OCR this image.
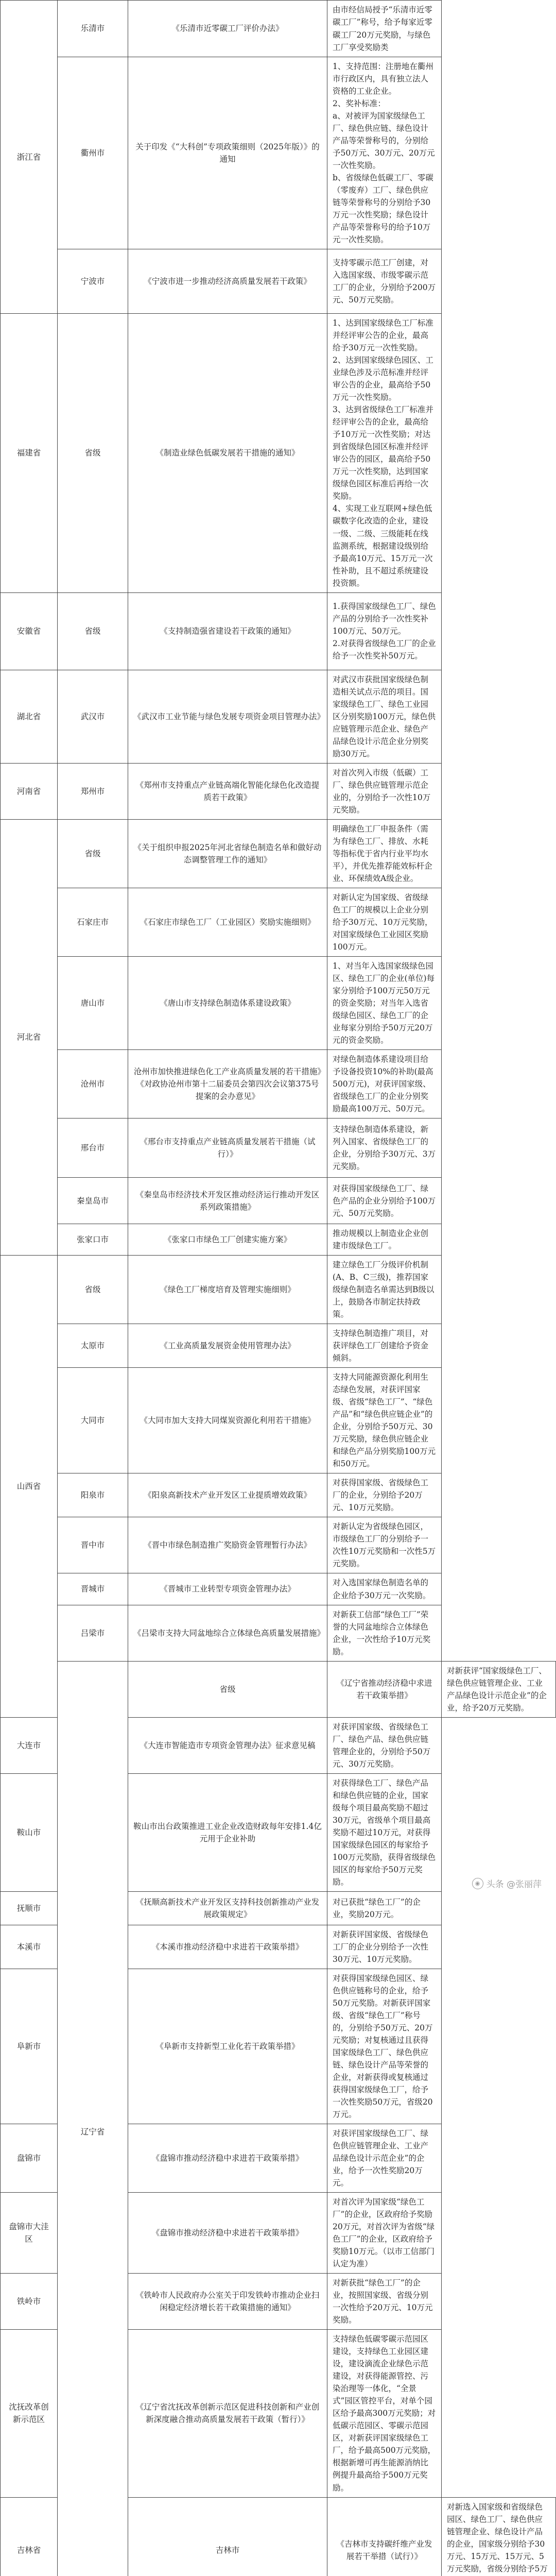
浙江省	乐清市	《乐清市近零碳工厂评价办法》	由市经信局授予“乐清市近零碳工厂”称号，给予每家近零碳工厂20万元奖励，与绿色工厂享受奖励类	

	衢州市	关于印发《“大科创”专项政策细则（2025年版）》的通知	1、支持范围：注册地在衢州市行政区内，具有独立法人资格的工业企业。
2、奖补标准：
a、对被评为国家级绿色工厂、绿色供应链、绿色设计产品等荣誉称号的，分别给予50万元、30万元、20万元一次性奖励。
b、省级绿色低碳工厂、零碳（零废弃）工厂、绿色供应链等荣誉称号的分别给予30万元一次性奖励；绿色设计产品等荣誉称号的给予10万元一次性奖励。	

	宁波市	《宁波市进一步推动经济高质量发展若干政策》	支持零碳示范工厂创建，对入选国家级、市级零碳示范工厂的企业，分别给予200万元、50万元奖励。	

福建省	省级	《制造业绿色低碳发展若干措施的通知》	1、达到国家级绿色工厂标准并经评审公告的企业，最高给予30万元一次性奖励。
2、达到国家级绿色园区、工业绿色涉及示范标准并经评审公告的企业，最高给予50万元一次性奖励。
3、达到省级绿色工厂标准并经评审公告的企业，最高给予10万元一次性奖励；对达到省级绿色园区标准并经评审公告的园区，最高给予50万元一次性奖励，达到国家级绿色园区标准后再给一次奖励。
4、实现工业互联网+绿色低碳数字化改造的企业，建设一级、二级、三级能耗在线监测系统，根据建设级别给予最高10万元、15万元一次性补助，且不超过系统建设投资额。	

安徽省	省级	《支持制造强省建设若干政策的通知》	1.获得国家级绿色工厂、绿色产品的分别给予一次性奖补100万元、50万元。
2.对获得省级绿色工厂的企业给予一次性奖补50万元。	

湖北省	武汉市	《武汉市工业节能与绿色发展专项资金项目管理办法》	对武汉市获批国家级绿色制造相关试点示范的项目。国家级绿色工厂、绿色工业园区分别奖励100万元，绿色供应链管理示范企业、绿色产品绿色设计示范企业分别奖励30万元。	

河南省	郑州市	《郑州市支持重点产业链高端化智能化绿色化改造提质若干政策》	对首次列入市级（低碳）工厂、绿色供应链管理示范企业的，分别给予一次性10万元奖励。	

河北省	省级	《关于组织申报2025年河北省绿色制造名单和做好动态调整管理工作的通知》	明确绿色工厂申报条件（需为有绿色工厂、排放、水耗等指标优于省内行业平均水平），并优先推荐能效标杆企业、环保绩效A级企业。	

	石家庄市	《石家庄市绿色工厂（工业园区）奖励实施细则》	对新认定为国家级、省级绿色工厂的规模以上企业分别给予30万元、10万元奖励，对国家级绿色工业园区奖励100万元。	

	唐山市	《唐山市支持绿色制造体系建设政策》	1、对当年入选国家级绿色园区、绿色工厂的企业(单位)每家分别给予100万元50万元的资金奖励；对当年入选省级绿色园区、绿色工厂的企业每家分别给予50万元20万元的资金奖励。	

	沧州市	沧州市加快推进绿色化工产业高质量发展的若干措施》《对政协沧州市第十二届委员会第四次会议第375号提案的会办意见》	对绿色制造体系建设项目给予设备投资10%的补助(最高500万元)，对获评国家级、省级绿色工厂的企业分别奖励最高100万元、50万元。	

	邢台市	《邢台市支持重点产业链高质量发展若干措施（试行）》	支持绿色制造体系建设，新列入国家、省级绿色工厂的企业，分别给予30万元、3万元奖励。	

	秦皇岛市	《秦皇岛市经济技术开发区推动经济运行推动开发区系列政策措施》	对获得国家级绿色工厂、绿色产品的企业分别给予100万元、50万元奖励。	

	张家口市	《张家口市绿色工厂创建实施方案》	推动规模以上制造业企业创建市级绿色工厂。	

山西省	省级	《绿色工厂梯度培育及管理实施细则》	建立绿色工厂分级评价机制(A、B、C三级)，推荐国家级绿色制造名单需达到B级以上，鼓励各市制定扶持政策。	

	太原市	《工业高质量发展资金使用管理办法》	支持绿色制造推广项目，对获评绿色工厂创建给予资金倾斜。	

	大同市	《大同市加大支持大同煤炭资源化利用若干措施》	支持大同能源资源化利用生态绿色发展，对获评国家级、省级“绿色工厂”、“绿色产品”和“绿色供应链企业”的企业，分别给予50万元、30万元奖励，绿色供应链企业和绿色产品分别奖励100万元和50万元。	

	阳泉市	《阳泉高新技术产业开发区工业提质增效政策》	对获得国家级、省级绿色工厂的企业，分别给予20万元、10万元奖励。	

	晋中市	《晋中市绿色制造推广奖励资金管理暂行办法》	对新认定为省级绿色园区，市级绿色工厂的分别给予一次性10万元奖励和一次性5万元奖励。	

	晋城市	《晋城市工业转型专项资金管理办法》	对入选国家绿色制造名单的企业给予30万元一次奖励。	

	吕梁市	《吕梁市支持大同盆地综合立体绿色高质量发展措施》	对新获工信部“绿色工厂”荣誉的大同盆地综合立体绿色企业，一次性给予10万元奖励。	

	辽宁省	省级	《辽宁省推动经济稳中求进若干政策举措》	对新获评“国家级绿色工厂、绿色供应链管理企业、工业产品绿色设计示范企业”的企业，给予20万元奖励。

大连市		《大连市智能造市专项资金管理办法》征求意见稿	对获评国家级、省级绿色工厂、绿色产品、绿色供应链管理企业的，分别给予50万元、30万元奖励。	

鞍山市		鞍山市出台政策推进工业企业改造财政每年安排1.4亿元用于企业补助	对获得绿色工厂、绿色产品和绿色供应链的企业，国家级每个项目最高奖励不超过30万元，省级单个项目最高奖励不超过10万元，对获得国家级绿色园区的每家给予100万元奖励，获得省级绿色园区的每家给予50万元奖励。	

抚顺市		《抚顺高新技术产业开发区支持科技创新推动产业发展政策规定》	对已获批“绿色工厂”的企业，奖励20万元。	

本溪市		《本溪市推动经济稳中求进若干政策举措》	对新获评国家级、省级绿色工厂的企业分别给予一次性30万元、10万元奖励。	

阜新市		《阜新市支持新型工业化若干政策举措》	对获得国家级绿色园区、绿色供应链称号的企业，给予50万元奖励。对新获评国家级、省级“绿色工厂”称号的，分别给予50万元、20万元奖励；对复核通过且获得国家级绿色工厂、绿色供应链、绿色设计产品等荣誉的企业，对新获得或复核通过获得国家级绿色工厂，给予一次性奖励50万元，省级20万元。	

盘锦市		《盘锦市推动经济稳中求进若干政策举措》	对获评国家级绿色工厂、绿色供应链管理企业、工业产品绿色设计示范企业”的企业，给予一次性奖励20万元。	

盘锦市大洼区		《盘锦市推动经济稳中求进若干政策举措》	对首次评为国家级“绿色工厂”的企业，区政府给予奖励20万元，对首次评为省级“绿色工厂”的企业，区政府给予奖励10万元。（以市工信部门认定为准）	

铁岭市		《铁岭市人民政府办公室关于印发铁岭市推动企业扫闲稳定经济增长若干政策措施的通知》	对新获批“绿色工厂”的企业，按照国家级、省级分别一次性给予20万元、10万元奖励。	

沈抚改革创新示范区		《辽宁省沈抚改革创新示范区促进科技创新和产业创新深度融合推动高质量发展若干政策（暂行）》	支持绿色低碳零碳示范园区建设，支持绿色工业园区建设，建设滴流企业绿色示范建设，对获得能源管控、污染治理等一体化，“全景式”园区管控平台，对单个园区给予最高300万元奖励；对低碳示范园区、零碳示范园区，对新获评国家级绿色工厂，给予最高500万元奖励，根据新增可再生能源消纳比例提升最高给予500万元奖励。	

吉林省		吉林市	《吉林市支持碳纤维产业发展若干举措（试行）》	对新选入国家级和省级绿色园区、绿色工厂、绿色供应链管理企业、绿色设计产品的企业，国家级分别给予30万元、15万元、15万元、5万元奖励，省级分别给予5万
◉ 头条 @张丽萍
